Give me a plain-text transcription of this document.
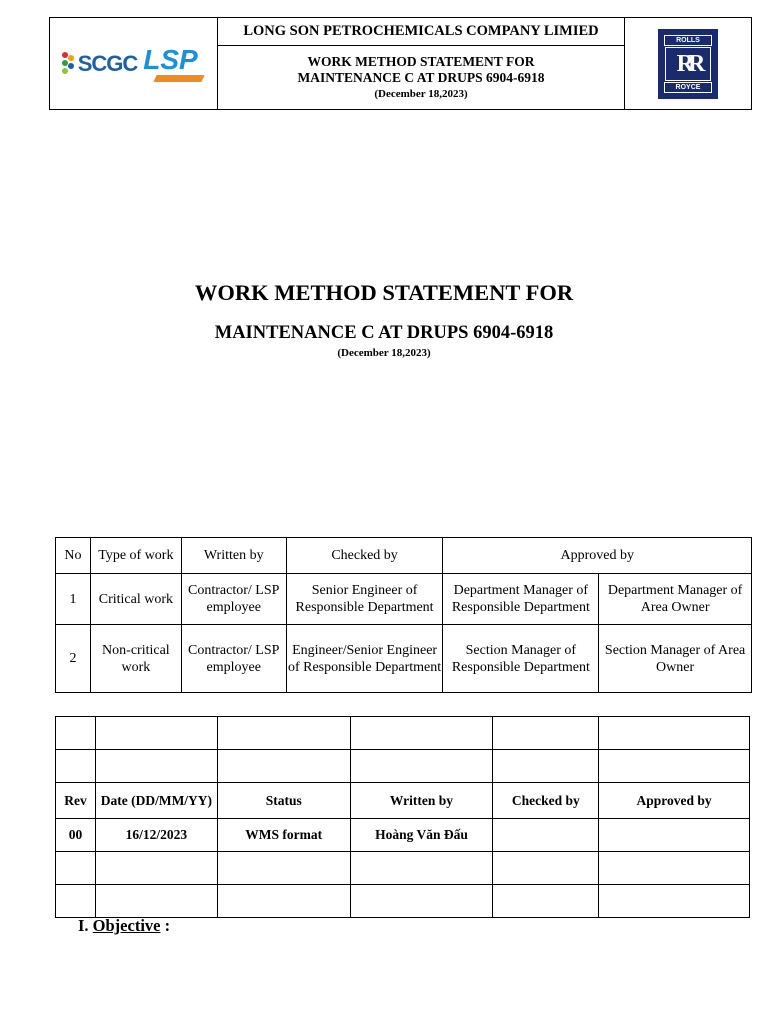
SCGC LSP
	LONG SON PETROCHEMICALS COMPANY LIMIED	
ROLLS
RR
ROYCE

WORK METHOD STATEMENT FOR
MAINTENANCE C AT DRUPS 6904-6918
(December 18,2023)
WORK METHOD STATEMENT FOR
MAINTENANCE C AT DRUPS 6904-6918
(December 18,2023)
No	Type of work	Written by	Checked by	Approved by	
1	Critical work	Contractor/ LSP employee	Senior Engineer of Responsible Department	Department Manager of Responsible Department	Department Manager of Area Owner
2	Non-critical work	Contractor/ LSP employee	Engineer/Senior Engineer of Responsible Department	Section Manager of Responsible Department	Section Manager of Area Owner

Rev	Date (DD/MM/YY)	Status	Written by	Checked by	Approved by
00	16/12/2023	WMS format	Hoàng Văn Đấu		

I. Objective :
